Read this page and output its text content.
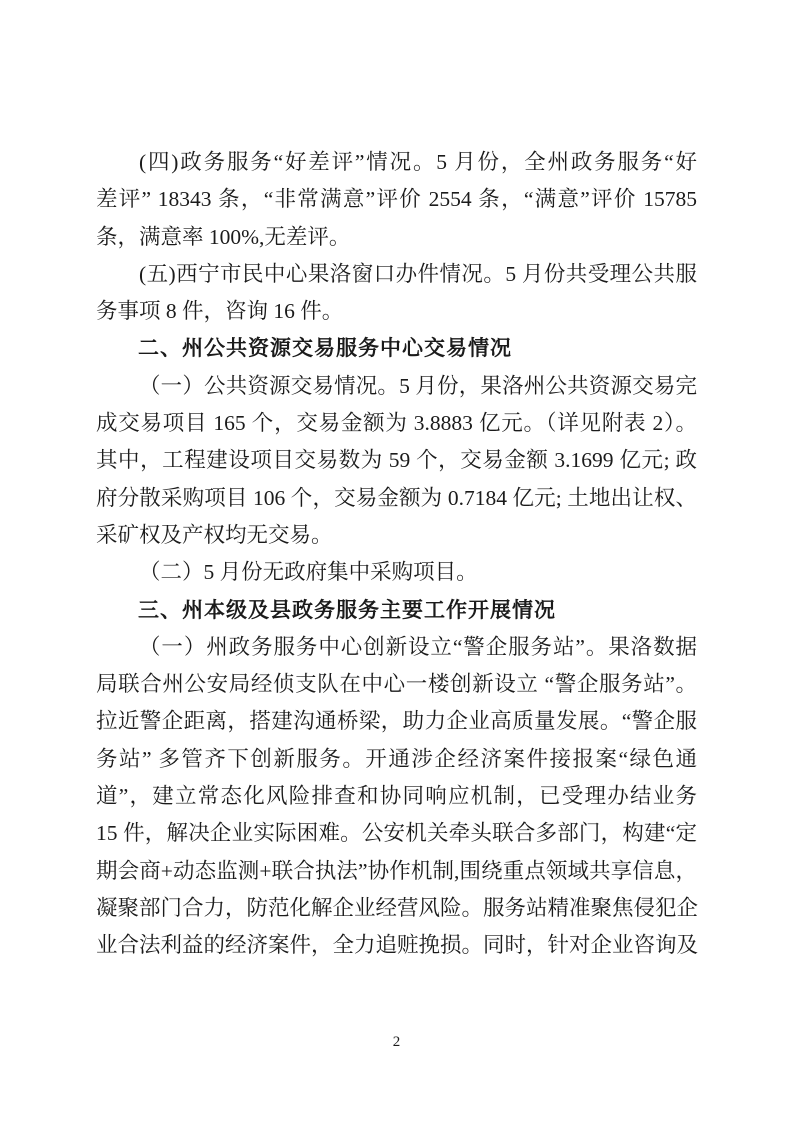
(四)政务服务“好差评”情况。5 月份，全州政务服务“好
差评” 18343 条，“非常满意”评价 2554 条，“满意”评价 15785
条，满意率 100%,无差评。
(五)西宁市民中心果洛窗口办件情况。5 月份共受理公共服
务事项 8 件，咨询 16 件。
二、州公共资源交易服务中心交易情况
（一）公共资源交易情况。5 月份，果洛州公共资源交易完
成交易项目 165 个，交易金额为 3.8883 亿元。（详见附表 2）。
其中，工程建设项目交易数为 59 个，交易金额 3.1699 亿元; 政
府分散采购项目 106 个，交易金额为 0.7184 亿元; 土地出让权、
采矿权及产权均无交易。
（二）5 月份无政府集中采购项目。
三、州本级及县政务服务主要工作开展情况
（一）州政务服务中心创新设立“警企服务站”。果洛数据
局联合州公安局经侦支队在中心一楼创新设立 “警企服务站”。
拉近警企距离，搭建沟通桥梁，助力企业高质量发展。“警企服
务站” 多管齐下创新服务。开通涉企经济案件接报案“绿色通
道”，建立常态化风险排查和协同响应机制，已受理办结业务
15 件，解决企业实际困难。公安机关牵头联合多部门，构建“定
期会商+动态监测+联合执法”协作机制,围绕重点领域共享信息，
凝聚部门合力，防范化解企业经营风险。服务站精准聚焦侵犯企
业合法利益的经济案件，全力追赃挽损。同时，针对企业咨询及
2
